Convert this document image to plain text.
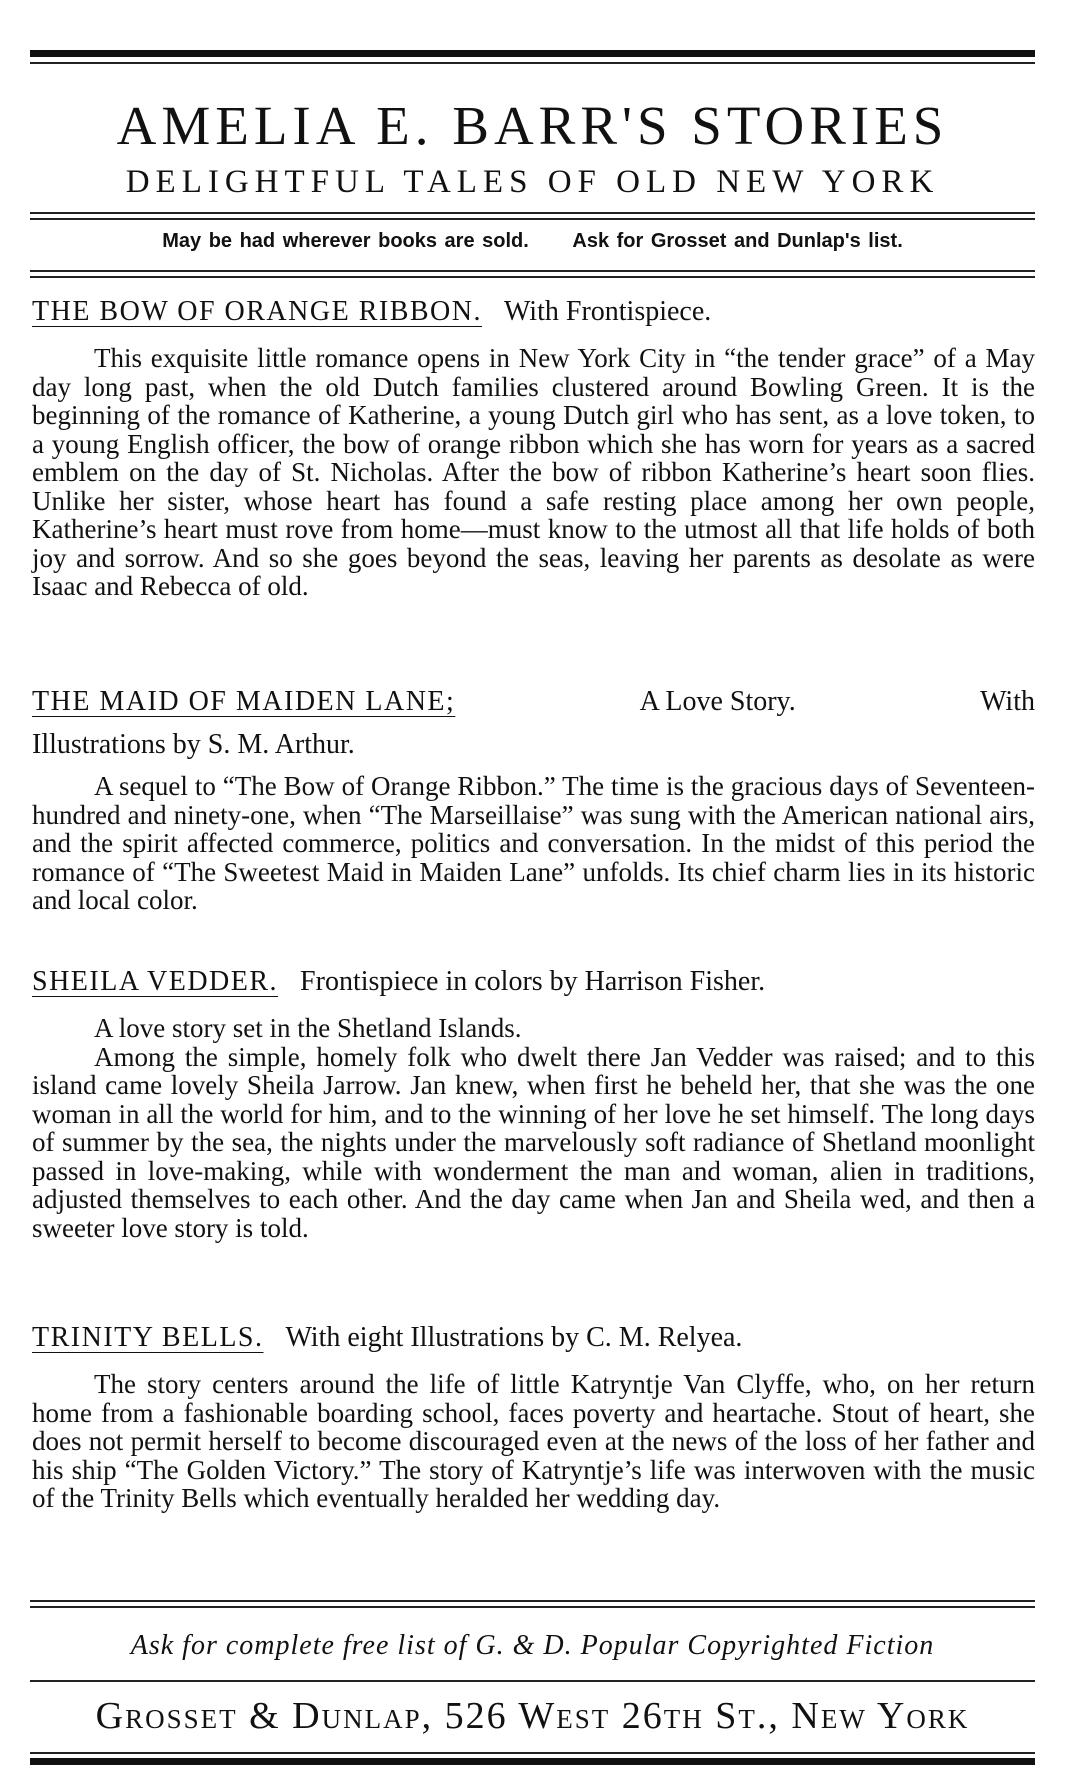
AMELIA E. BARR'S STORIES
DELIGHTFUL TALES OF OLD NEW YORK
May be had wherever books are sold. Ask for Grosset and Dunlap's list.
THE BOW OF ORANGE RIBBON. With Frontispiece.

This exquisite little romance opens in New York City in “the tender grace” of a May day long past, when the old Dutch families clustered around Bowling Green. It is the beginning of the romance of Katherine, a young Dutch girl who has sent, as a love token, to a young English officer, the bow of orange ribbon which she has worn for years as a sacred emblem on the day of St. Nicholas. After the bow of ribbon Katherine’s heart soon flies. Unlike her sister, whose heart has found a safe resting place among her own people, Katherine’s heart must rove from home—must know to the utmost all that life holds of both joy and sorrow. And so she goes beyond the seas, leaving her parents as desolate as were Isaac and Rebecca of old.

THE MAID OF MAIDEN LANE;	A Love Story.	With
Illustrations by S. M. Arthur.

A sequel to “The Bow of Orange Ribbon.” The time is the gracious days of Seventeen-hundred and ninety-one, when “The Marseillaise” was sung with the American national airs, and the spirit affected commerce, politics and conversation. In the midst of this period the romance of “The Sweetest Maid in Maiden Lane” unfolds. Its chief charm lies in its historic and local color.

SHEILA VEDDER. Frontispiece in colors by Harrison Fisher.

A love story set in the Shetland Islands.

Among the simple, homely folk who dwelt there Jan Vedder was raised; and to this island came lovely Sheila Jarrow. Jan knew, when first he beheld her, that she was the one woman in all the world for him, and to the winning of her love he set himself. The long days of summer by the sea, the nights under the marvelously soft radiance of Shetland moonlight passed in love-making, while with wonderment the man and woman, alien in traditions, adjusted themselves to each other. And the day came when Jan and Sheila wed, and then a sweeter love story is told.

TRINITY BELLS. With eight Illustrations by C. M. Relyea.

The story centers around the life of little Katryntje Van Clyffe, who, on her return home from a fashionable boarding school, faces poverty and heartache. Stout of heart, she does not permit herself to become discouraged even at the news of the loss of her father and his ship “The Golden Victory.” The story of Katryntje’s life was interwoven with the music of the Trinity Bells which eventually heralded her wedding day.

Ask for complete free list of G. & D. Popular Copyrighted Fiction
Grosset & Dunlap, 526 West 26th St., New York
